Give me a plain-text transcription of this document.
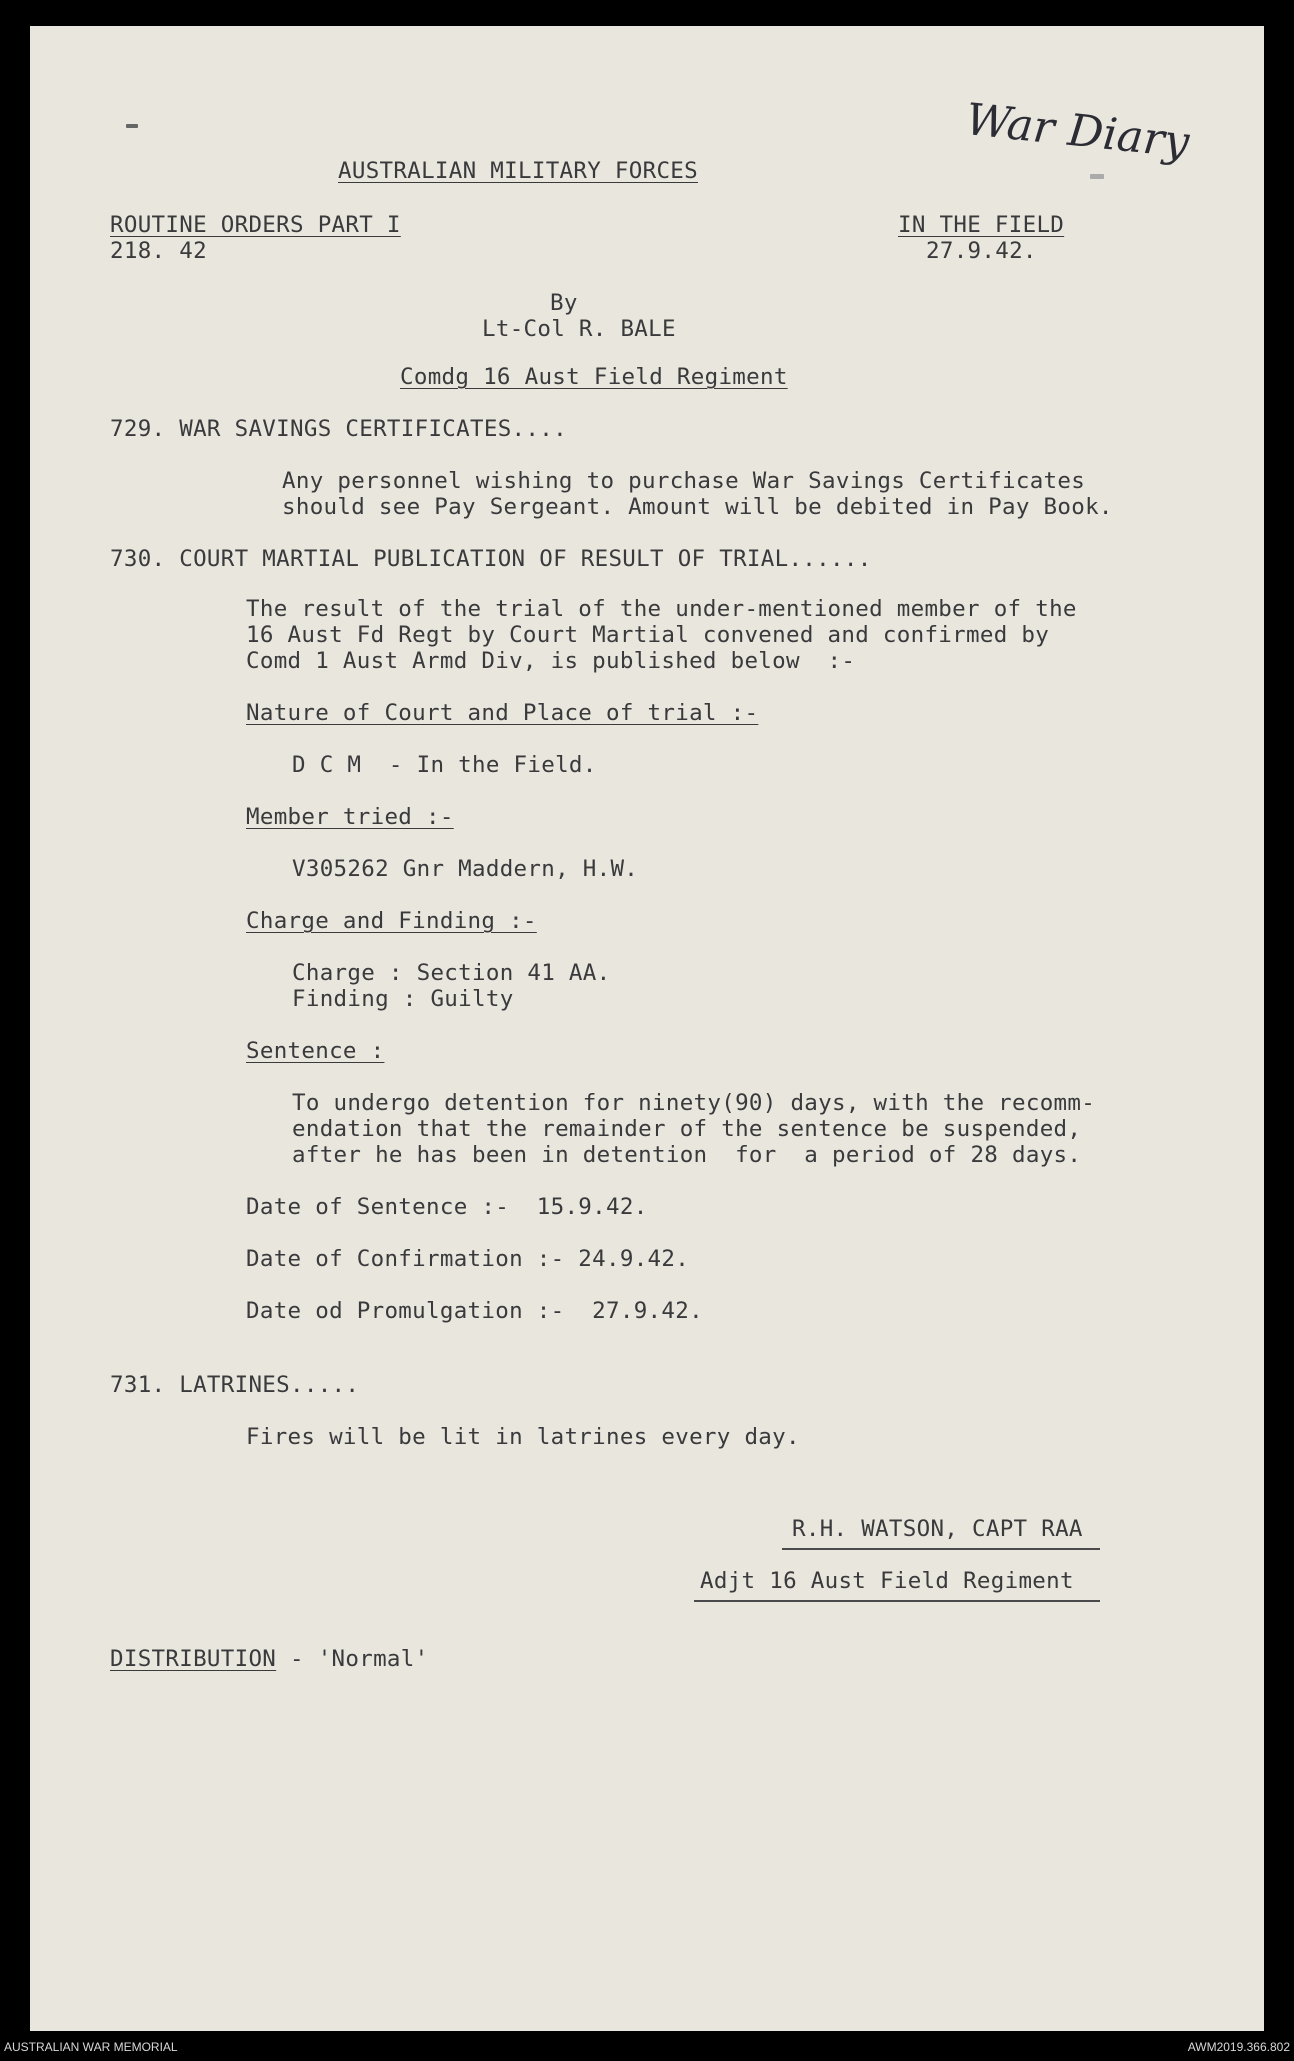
War Diary
AUSTRALIAN MILITARY FORCES
ROUTINE ORDERS PART I
218. 42
IN THE FIELD
27.9.42.
By
Lt-Col R. BALE
Comdg 16 Aust Field Regiment
729. WAR SAVINGS CERTIFICATES....
Any personnel wishing to purchase War Savings Certificates
should see Pay Sergeant. Amount will be debited in Pay Book.
730. COURT MARTIAL PUBLICATION OF RESULT OF TRIAL......
The result of the trial of the under-mentioned member of the
16 Aust Fd Regt by Court Martial convened and confirmed by
Comd 1 Aust Armd Div, is published below  :-
Nature of Court and Place of trial :-
D C M  - In the Field.
Member tried :-
V305262 Gnr Maddern, H.W.
Charge and Finding :-
Charge : Section 41 AA.
Finding : Guilty
Sentence :
To undergo detention for ninety(90) days, with the recomm-
endation that the remainder of the sentence be suspended,
after he has been in detention  for  a period of 28 days.
Date of Sentence :-  15.9.42.
Date of Confirmation :- 24.9.42.
Date od Promulgation :-  27.9.42.
731. LATRINES.....
Fires will be lit in latrines every day.
R.H. WATSON, CAPT RAA
Adjt 16 Aust Field Regiment
DISTRIBUTION - 'Normal'
AUSTRALIAN WAR MEMORIAL	AWM2019.366.802
